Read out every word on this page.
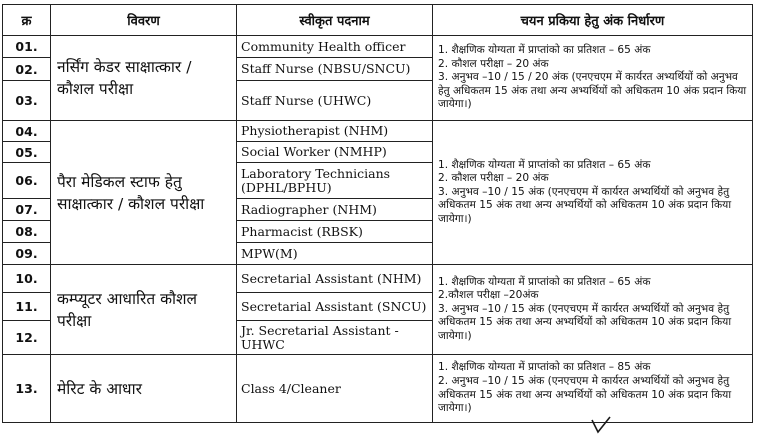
क्र	विवरण	स्वीकृत पदनाम	चयन प्रकिया हेतु अंक निर्धारण
01.	नर्सिंग केडर साक्षात्कार / कौशल परीक्षा	Community Health officer	1. शैक्षणिक योग्यता में प्राप्तांको का प्रतिशत – 65 अंक
2. कौशल परीक्षा – 20 अंक
3. अनुभव –10 / 15 / 20 अंक (एनएचएम में कार्यरत अभ्यर्थियों को अनुभव हेतु अधिकतम 15 अंक तथा अन्य अभ्यर्थियों को अधिकतम 10 अंक प्रदान किया जायेगा।)

02.		Staff Nurse (NBSU/SNCU)	
03.		Staff Nurse (UHWC)	
04.	पैरा मेडिकल स्टाफ हेतु साक्षात्कार / कौशल परीक्षा	Physiotherapist (NHM)	1. शैक्षणिक योग्यता में प्राप्तांको का प्रतिशत – 65 अंक
2. कौशल परीक्षा – 20 अंक
3. अनुभव –10 / 15 अंक (एनएचएम में कार्यरत अभ्यर्थियों को अनुभव हेतु अधिकतम 15 अंक तथा अन्य अभ्यर्थियों को अधिकतम 10 अंक प्रदान किया जायेगा।)

05.		Social Worker (NMHP)	
06.		Laboratory Technicians (DPHL/BPHU)	
07.		Radiographer (NHM)	
08.		Pharmacist (RBSK)	
09.		MPW(M)	
10.	कम्प्यूटर आधारित कौशल परीक्षा	Secretarial Assistant (NHM)	1. शैक्षणिक योग्यता में प्राप्तांको का प्रतिशत – 65 अंक
2.कौशल परीक्षा –20अंक
3. अनुभव –10 / 15 अंक (एनएचएम में कार्यरत अभ्यर्थियों को अनुभव हेतु अधिकतम 15 अंक तथा अन्य अभ्यर्थियों को अधिकतम 10 अंक प्रदान किया जायेगा।)

11.		Secretarial Assistant (SNCU)	
12.		Jr. Secretarial Assistant - UHWC	
13.	मेरिट के आधार	Class 4/Cleaner	1. शैक्षणिक योग्यता में प्राप्तांको का प्रतिशत – 85 अंक
2. अनुभव –10 / 15 अंक (एनएचएम मे कार्यरत अभ्यर्थियों को अनुभव हेतु अधिकतम 15 अंक तथा अन्य अभ्यर्थियों को अधिकतम 10 अंक प्रदान किया जायेगा।)
